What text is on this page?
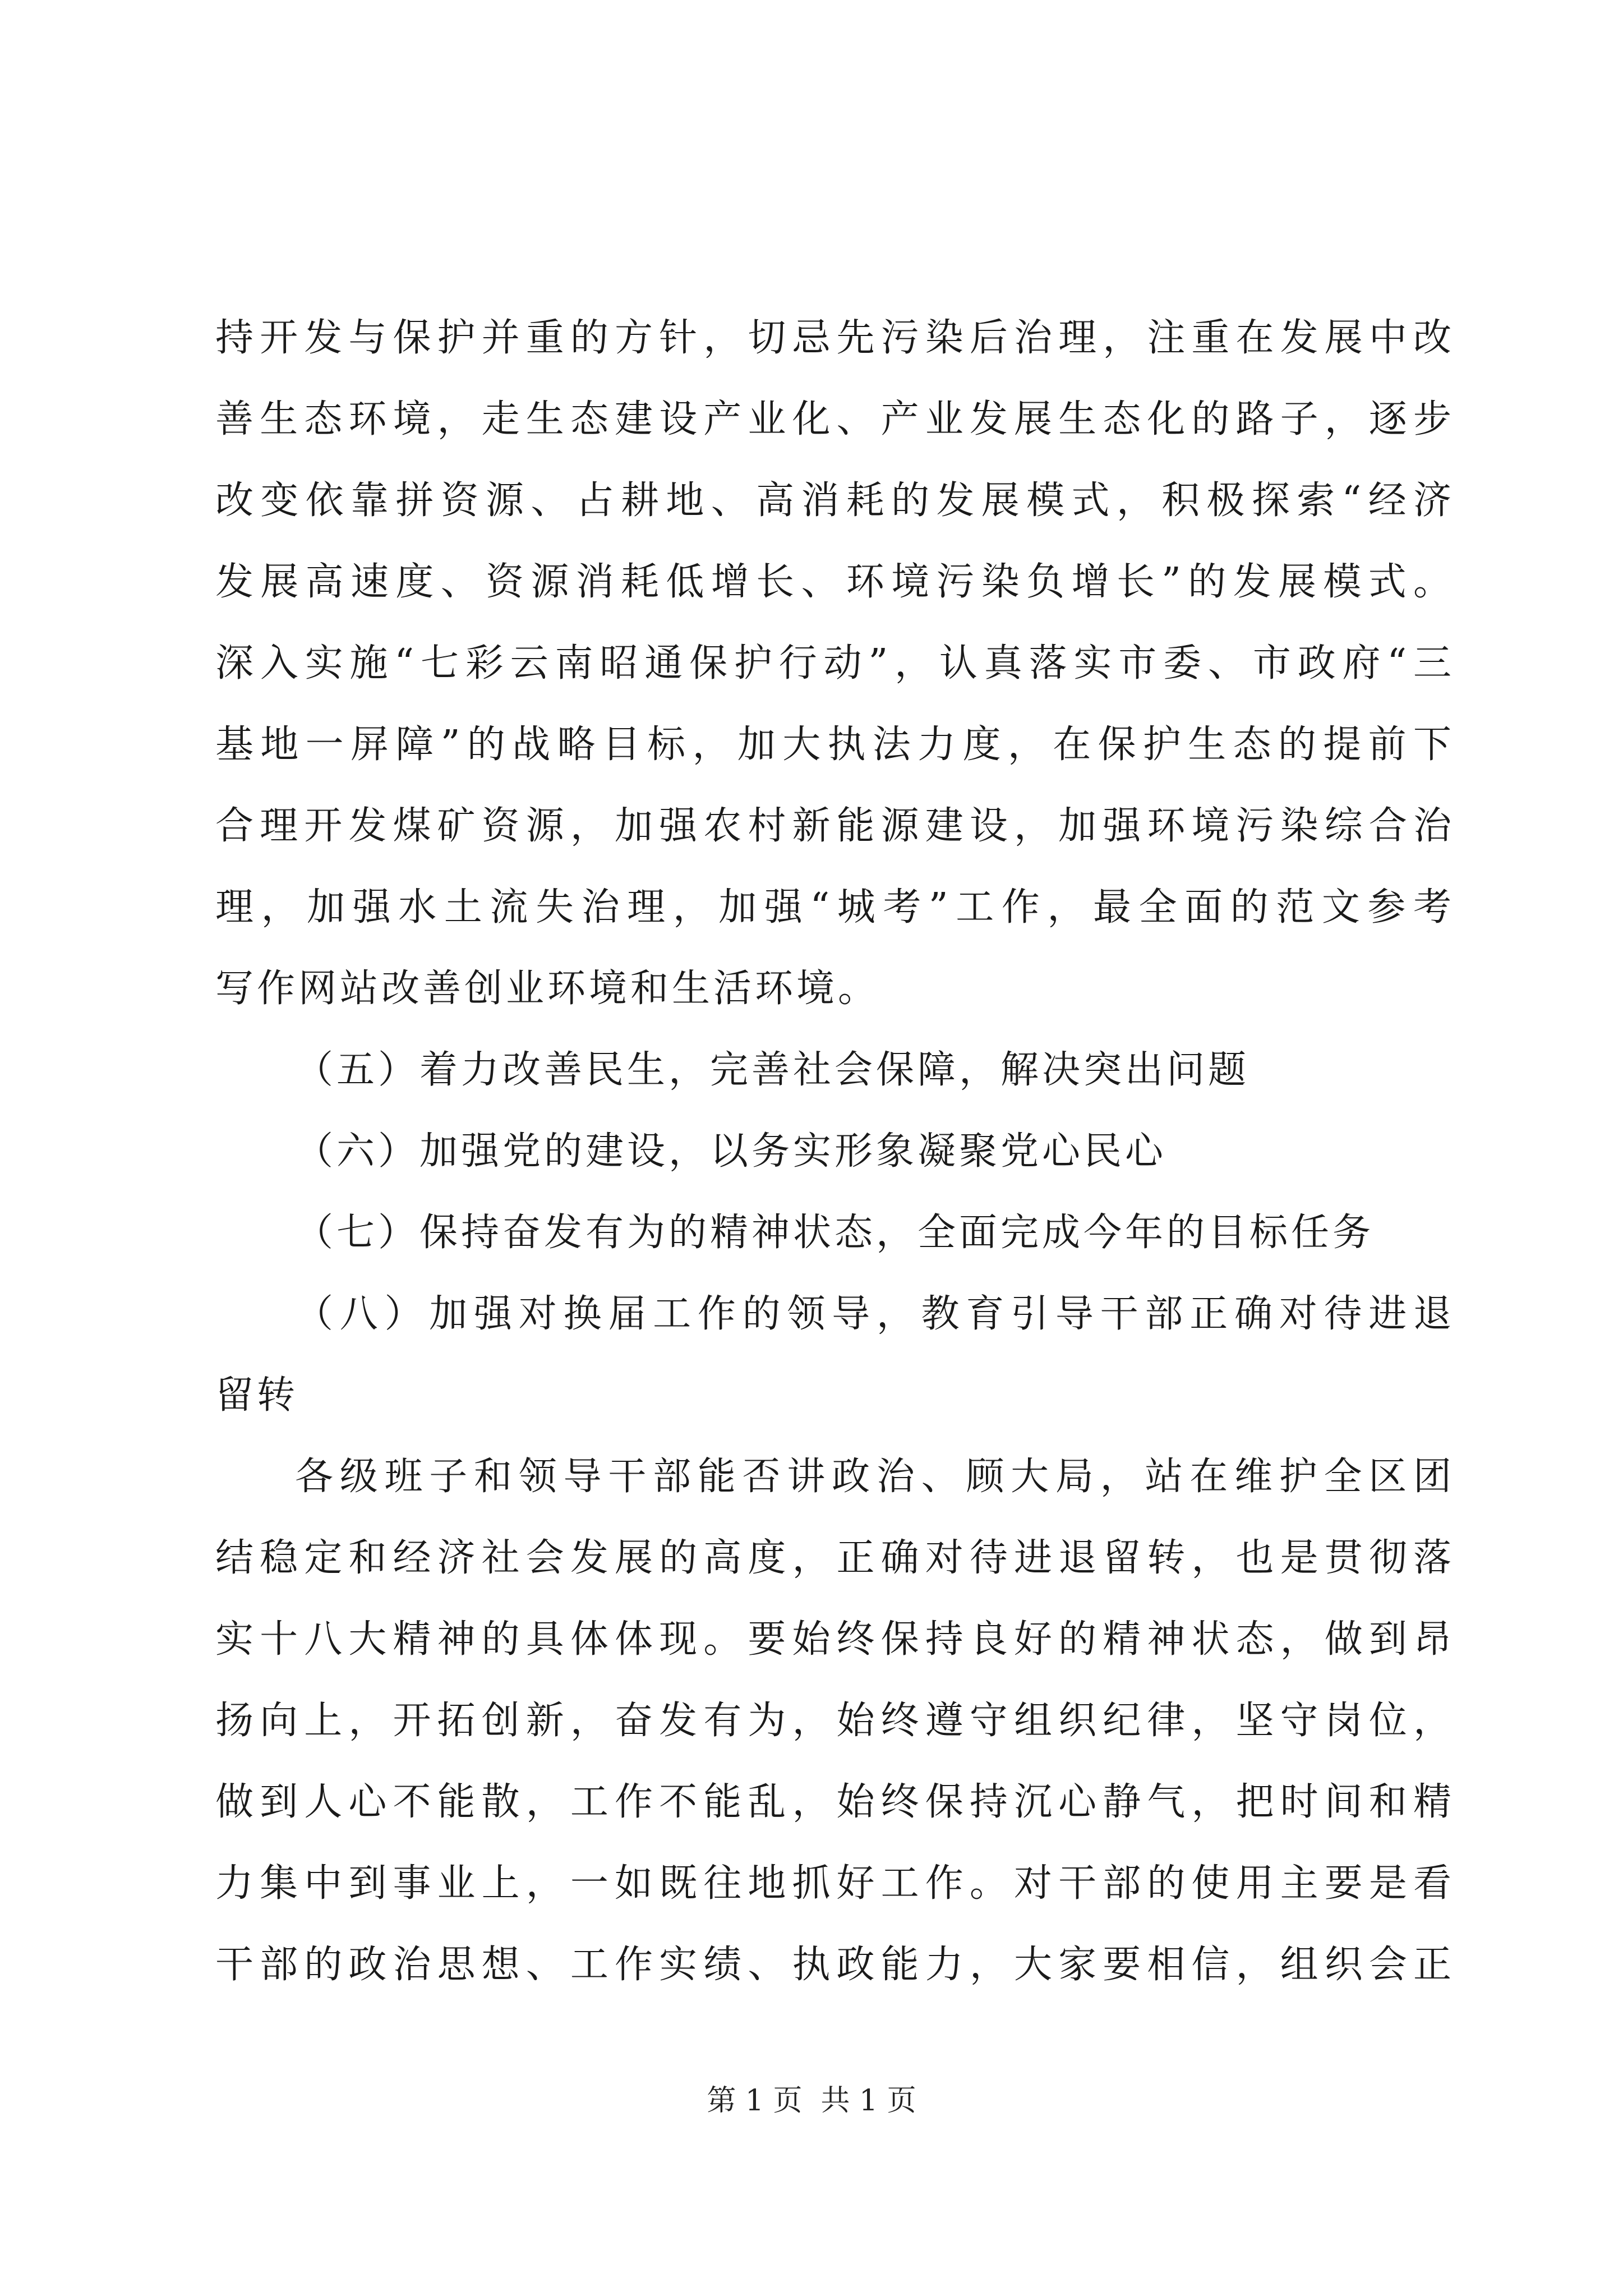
持开发与保护并重的方针，切忌先污染后治理，注重在发展中改
善生态环境，走生态建设产业化、产业发展生态化的路子，逐步
改变依靠拼资源、占耕地、高消耗的发展模式，积极探索“经济
发展高速度、资源消耗低增长、环境污染负增长”的发展模式。
深入实施“七彩云南昭通保护行动”，认真落实市委、市政府“三
基地一屏障”的战略目标，加大执法力度，在保护生态的提前下
合理开发煤矿资源，加强农村新能源建设，加强环境污染综合治
理，加强水土流失治理，加强“城考”工作，最全面的范文参考
写作网站改善创业环境和生活环境。
（五）着力改善民生，完善社会保障，解决突出问题
（六）加强党的建设，以务实形象凝聚党心民心
（七）保持奋发有为的精神状态，全面完成今年的目标任务
（八）加强对换届工作的领导，教育引导干部正确对待进退
留转
各级班子和领导干部能否讲政治、顾大局，站在维护全区团
结稳定和经济社会发展的高度，正确对待进退留转，也是贯彻落
实十八大精神的具体体现。要始终保持良好的精神状态，做到昂
扬向上，开拓创新，奋发有为，始终遵守组织纪律，坚守岗位，
做到人心不能散，工作不能乱，始终保持沉心静气，把时间和精
力集中到事业上，一如既往地抓好工作。对干部的使用主要是看
干部的政治思想、工作实绩、执政能力，大家要相信，组织会正
第 1 页  共 1 页
